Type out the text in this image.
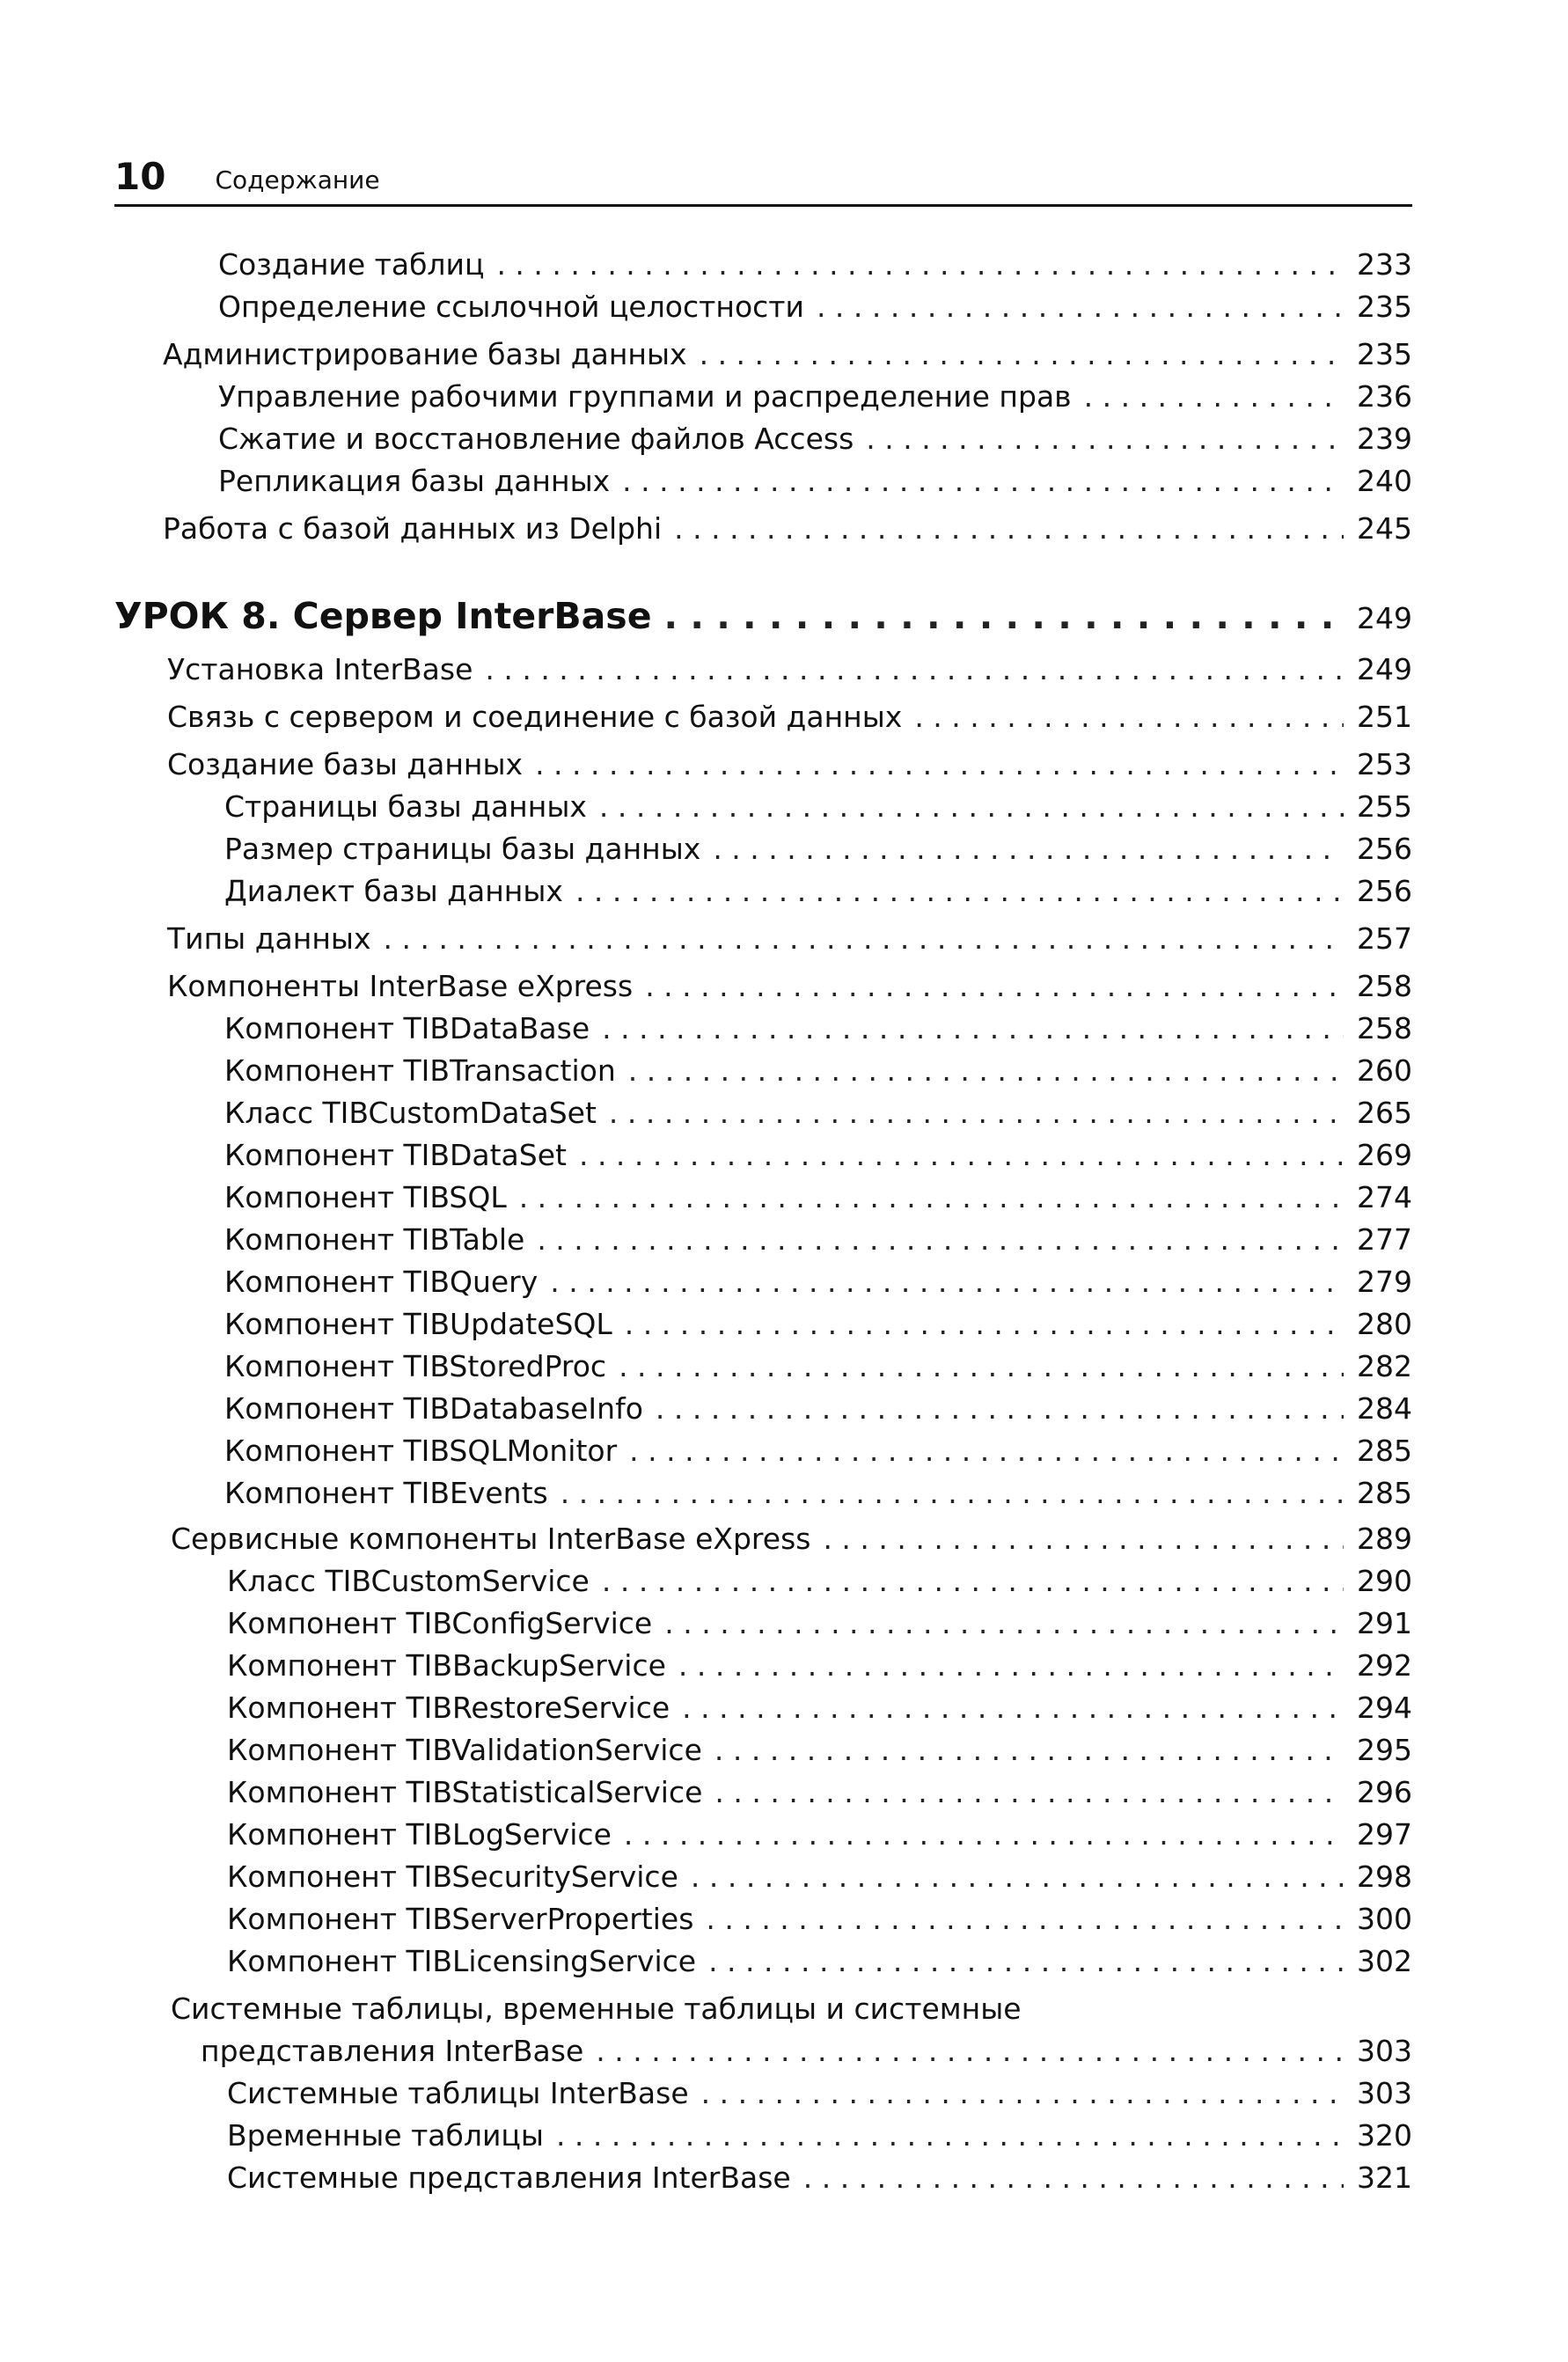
10 Содержание
Создание таблиц . . .	233
Определение ссылочной целостности . . .	235
Администрирование базы данных . . .	235
Управление рабочими группами и распределение прав . . .	236
Сжатие и восстановление файлов Access . . .	239
Репликация базы данных . . .	240
Работа с базой данных из Delphi . . .	245
УРОК 8. Сервер InterBase . . .	249
Установка InterBase . . .	249
Связь с сервером и соединение с базой данных . . .	251
Создание базы данных . . .	253
Страницы базы данных . . .	255
Размер страницы базы данных . . .	256
Диалект базы данных . . .	256
Типы данных . . .	257
Компоненты InterBase eXpress . . .	258
Компонент TIBDataBase . . .	258
Компонент TIBTransaction . . .	260
Класс TIBCustomDataSet . . .	265
Компонент TIBDataSet . . .	269
Компонент TIBSQL . . .	274
Компонент TIBTable . . .	277
Компонент TIBQuery . . .	279
Компонент TIBUpdateSQL . . .	280
Компонент TIBStoredProc . . .	282
Компонент TIBDatabaseInfo . . .	284
Компонент TIBSQLMonitor . . .	285
Компонент TIBEvents . . .	285
Сервисные компоненты InterBase eXpress . . .	289
Класс TIBCustomService . . .	290
Компонент TIBConfigService . . .	291
Компонент TIBBackupService . . .	292
Компонент TIBRestoreService . . .	294
Компонент TIBValidationService . . .	295
Компонент TIBStatisticalService . . .	296
Компонент TIBLogService . . .	297
Компонент TIBSecurityService . . .	298
Компонент TIBServerProperties . . .	300
Компонент TIBLicensingService . . .	302
Системные таблицы, временные таблицы и системные
представления InterBase . . .	303
Системные таблицы InterBase . . .	303
Временные таблицы . . .	320
Системные представления InterBase . . .	321
